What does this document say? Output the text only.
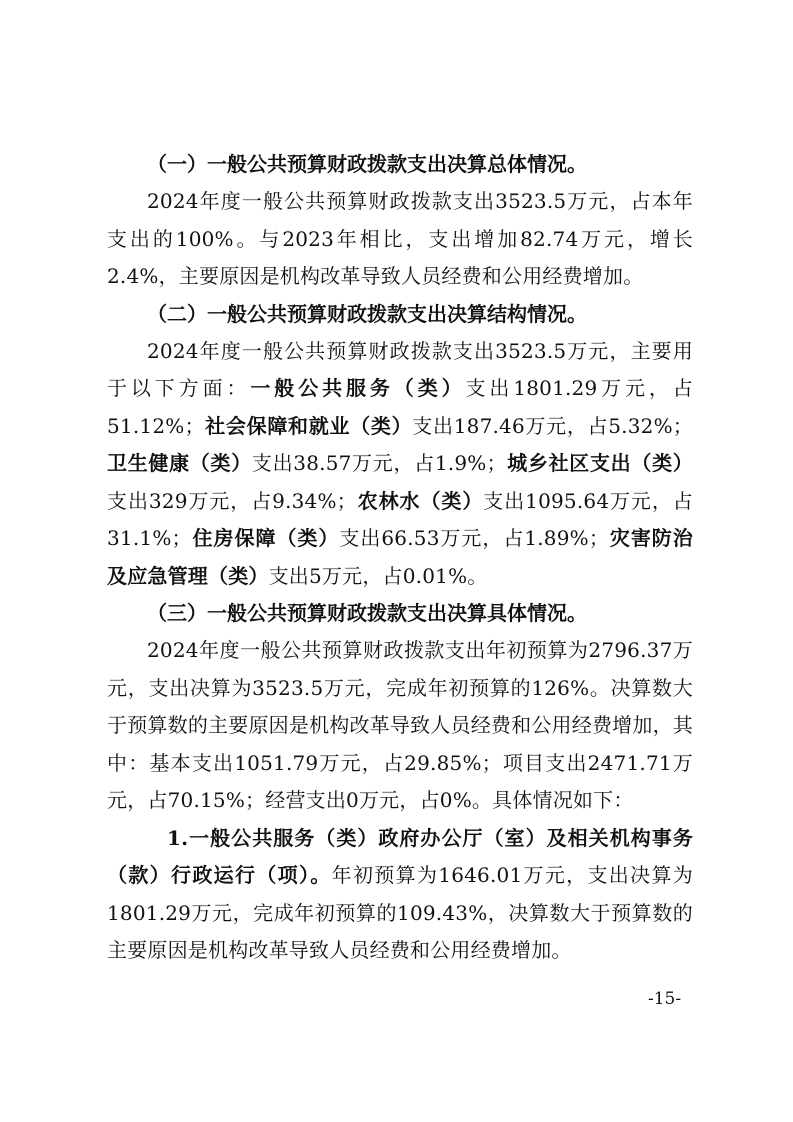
（一）一般公共预算财政拨款支出决算总体情况。

2024年度一般公共预算财政拨款支出3523.5万元，占本年支出的100%。与2023年相比，支出增加82.74万元，增长2.4%，主要原因是机构改革导致人员经费和公用经费增加。

（二）一般公共预算财政拨款支出决算结构情况。

2024年度一般公共预算财政拨款支出3523.5万元，主要用于以下方面：一般公共服务（类）支出1801.29万元，占51.12%；社会保障和就业（类）支出187.46万元，占5.32%；卫生健康（类）支出38.57万元，占1.9%；城乡社区支出（类）支出329万元，占9.34%；农林水（类）支出1095.64万元，占31.1%；住房保障（类）支出66.53万元，占1.89%；灾害防治及应急管理（类）支出5万元，占0.01%。

（三）一般公共预算财政拨款支出决算具体情况。

2024年度一般公共预算财政拨款支出年初预算为2796.37万元，支出决算为3523.5万元，完成年初预算的126%。决算数大于预算数的主要原因是机构改革导致人员经费和公用经费增加，其中：基本支出1051.79万元，占29.85%；项目支出2471.71万元，占70.15%；经营支出0万元，占0%。具体情况如下：

1.一般公共服务（类）政府办公厅（室）及相关机构事务（款）行政运行（项）。年初预算为1646.01万元，支出决算为1801.29万元，完成年初预算的109.43%，决算数大于预算数的主要原因是机构改革导致人员经费和公用经费增加。

-15-
